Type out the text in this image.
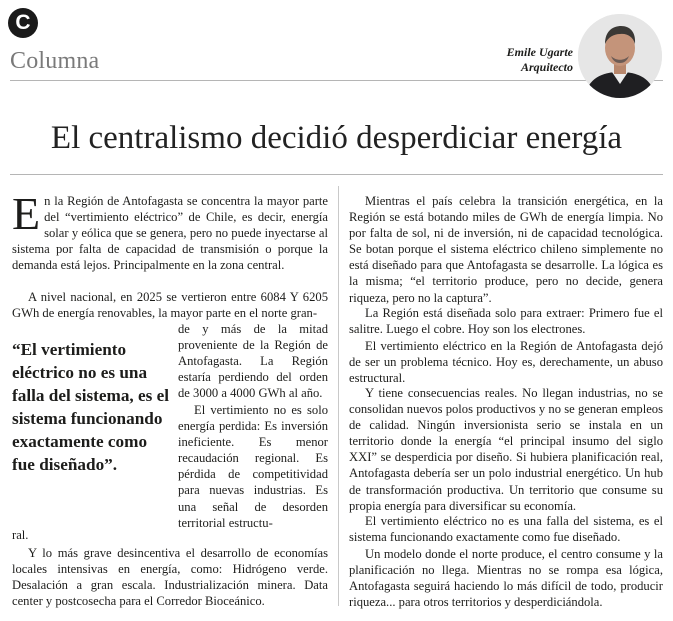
C
Columna	Emile Ugarte
Arquitecto
El centralismo decidió desperdiciar energía

En la Región de Antofagasta se concentra la mayor parte del “vertimiento eléctrico” de Chile, es decir, energía solar y eólica que se genera, pero no puede inyectarse al sistema por falta de capacidad de transmisión o porque la demanda está lejos. Principalmente en la zona central.

A nivel nacional, en 2025 se vertieron entre 6084 Y 6205 GWh de energía renovables, la mayor parte en el norte gran-

de y más de la mitad proveniente de la Región de Antofagasta. La Región estaría perdiendo del orden de 3000 a 4000 GWh al año.

El vertimiento no es solo energía perdida: Es inversión ineficiente. Es menor recaudación regional. Es pérdida de competitividad para nuevas industrias. Es una señal de desorden territorial estructu-

ral.

Y lo más grave desincentiva el desarrollo de economías locales intensivas en energía, como: Hidrógeno verde. Desalación a gran escala. Industrialización minera. Data center y postcosecha para el Corredor Bioceánico.

“El vertimiento eléctrico no es una falla del sistema, es el sistema funcionando exactamente como fue diseñado”.

Mientras el país celebra la transición energética, en la Región se está botando miles de GWh de energía limpia. No por falta de sol, ni de inversión, ni de capacidad tecnológica. Se botan porque el sistema eléctrico chileno simplemente no está diseñado para que Antofagasta se desarrolle. La lógica es la misma; “el territorio produce, pero no decide, genera riqueza, pero no la captura”.

La Región está diseñada solo para extraer: Primero fue el salitre. Luego el cobre. Hoy son los electrones.

El vertimiento eléctrico en la Región de Antofagasta dejó de ser un problema técnico. Hoy es, derechamente, un abuso estructural.

Y tiene consecuencias reales. No llegan industrias, no se consolidan nuevos polos productivos y no se generan empleos de calidad. Ningún inversionista serio se instala en un territorio donde la energía “el principal insumo del siglo XXI” se desperdicia por diseño. Si hubiera planificación real, Antofagasta debería ser un polo industrial energético. Un hub de transformación productiva. Un territorio que consume su propia energía para diversificar su economía.

El vertimiento eléctrico no es una falla del sistema, es el sistema funcionando exactamente como fue diseñado.

Un modelo donde el norte produce, el centro consume y la planificación no llega. Mientras no se rompa esa lógica, Antofagasta seguirá haciendo lo más difícil de todo, producir riqueza... para otros territorios y desperdiciándola.
